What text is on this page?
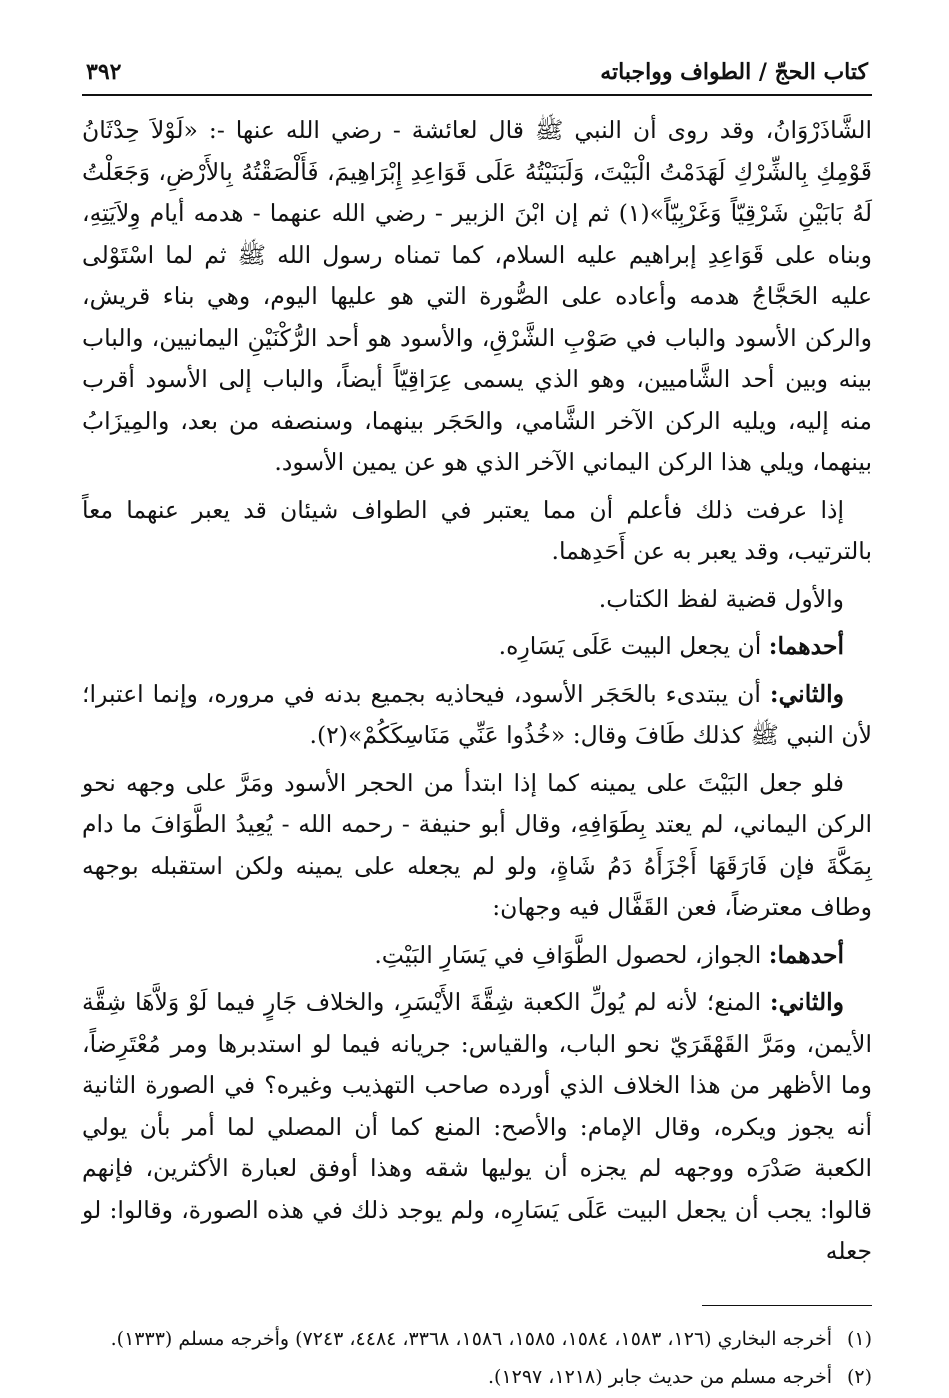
كتاب الحجّ / الطواف وواجباته
٣٩٢

الشَّاذَرْوَانُ، وقد روى أن النبي ﷺ قال لعائشة - رضي الله عنها -: «لَوْلاَ حِدْثَانُ قَوْمِكِ بِالشِّرْكِ لَهَدَمْتُ الْبَيْتَ، وَلَبَنَيْتُهُ عَلَى قَوَاعِدِ إِبْرَاهِيمَ، فَأَلْصَقْتُهُ بِالأَرْضِ، وَجَعَلْتُ لَهُ بَابَيْنِ شَرْقِيّاً وَغَرْبِيّاً»(١) ثم إن ابْنَ الزبير - رضي الله عنهما - هدمه أيام وِلاَيَتِهِ، وبناه على قَوَاعِدِ إبراهيم عليه السلام، كما تمناه رسول الله ﷺ ثم لما اسْتَوْلى عليه الحَجَّاجُ هدمه وأعاده على الصُّورة التي هو عليها اليوم، وهي بناء قريش، والركن الأسود والباب في صَوْبِ الشَّرْقِ، والأسود هو أحد الرُّكْنَيْنِ اليمانيين، والباب بينه وبين أحد الشَّاميين، وهو الذي يسمى عِرَاقِيّاً أيضاً، والباب إلى الأسود أقرب منه إليه، ويليه الركن الآخر الشَّامي، والحَجَر بينهما، وسنصفه من بعد، والمِيزَابُ بينهما، ويلي هذا الركن اليماني الآخر الذي هو عن يمين الأسود.

إذا عرفت ذلك فأعلم أن مما يعتبر في الطواف شيئان قد يعبر عنهما معاً بالترتيب، وقد يعبر به عن أَحَدِهما.

والأول قضية لفظ الكتاب.

أحدهما: أن يجعل البيت عَلَى يَسَارِه.

والثاني: أن يبتدىء بالحَجَر الأسود، فيحاذيه بجميع بدنه في مروره، وإنما اعتبرا؛ لأن النبي ﷺ كذلك طَافَ وقال: «خُذُوا عَنِّي مَنَاسِكَكُمْ»(٢).

فلو جعل البَيْتَ على يمينه كما إذا ابتدأ من الحجر الأسود ومَرَّ على وجهه نحو الركن اليماني، لم يعتد بِطَوَافِهِ، وقال أبو حنيفة - رحمه الله - يُعِيدُ الطَّوَافَ ما دام بِمَكَّةَ فإن فَارَقَهَا أَجْزَأَهُ دَمُ شَاةٍ، ولو لم يجعله على يمينه ولكن استقبله بوجهه وطاف معترضاً، فعن القَفَّال فيه وجهان:

أحدهما: الجواز، لحصول الطَّوَافِ في يَسَارِ البَيْتِ.

والثاني: المنع؛ لأنه لم يُولِّ الكعبة شِقَّةَ الأَيْسَرِ، والخلاف جَارٍ فيما لَوْ وَلاَّهَا شِقَّة الأيمن، ومَرَّ القَهْقَرَيّ نحو الباب، والقياس: جريانه فيما لو استدبرها ومر مُعْتَرِضاً، وما الأظهر من هذا الخلاف الذي أورده صاحب التهذيب وغيره؟ في الصورة الثانية أنه يجوز ويكره، وقال الإمام: والأصح: المنع كما أن المصلي لما أمر بأن يولي الكعبة صَدْرَه ووجهه لم يجزه أن يوليها شقه وهذا أوفق لعبارة الأكثرين، فإنهم قالوا: يجب أن يجعل البيت عَلَى يَسَارِه، ولم يوجد ذلك في هذه الصورة، وقالوا: لو جعله

(١)
أخرجه البخاري (١٢٦، ١٥٨٣، ١٥٨٤، ١٥٨٥، ١٥٨٦، ٣٣٦٨، ٤٤٨٤، ٧٢٤٣) وأخرجه مسلم (١٣٣٣).
(٢)
أخرجه مسلم من حديث جابر (١٢١٨، ١٢٩٧).
